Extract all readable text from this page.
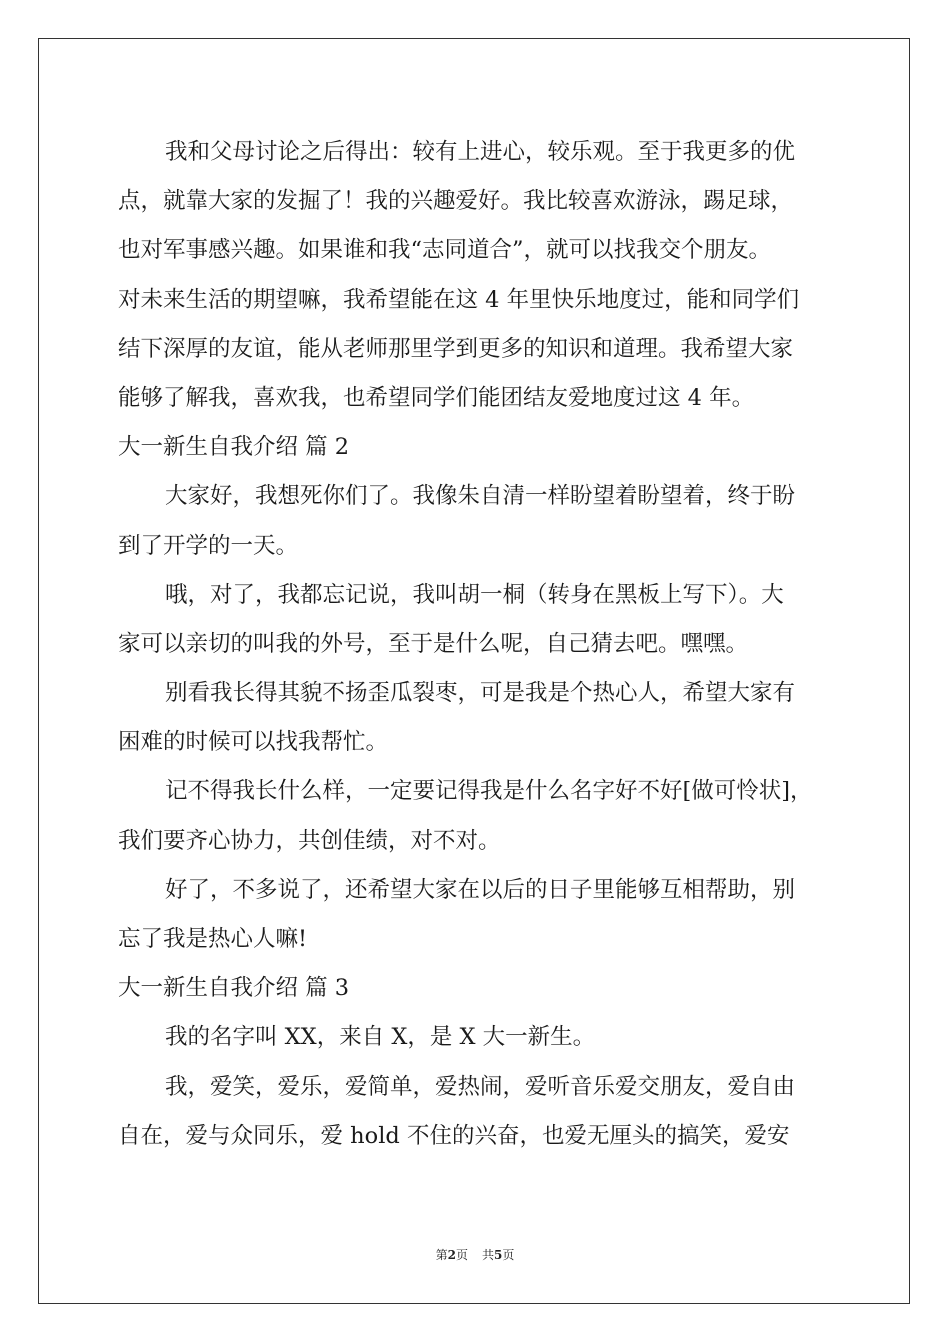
我和父母讨论之后得出：较有上进心，较乐观。至于我更多的优
点，就靠大家的发掘了！我的兴趣爱好。我比较喜欢游泳，踢足球，
也对军事感兴趣。如果谁和我“志同道合”，就可以找我交个朋友。
对未来生活的期望嘛，我希望能在这 4 年里快乐地度过，能和同学们
结下深厚的友谊，能从老师那里学到更多的知识和道理。我希望大家
能够了解我，喜欢我，也希望同学们能团结友爱地度过这 4 年。
大一新生自我介绍 篇 2
大家好，我想死你们了。我像朱自清一样盼望着盼望着，终于盼
到了开学的一天。
哦，对了，我都忘记说，我叫胡一桐（转身在黑板上写下）。大
家可以亲切的叫我的外号，至于是什么呢，自己猜去吧。嘿嘿。
别看我长得其貌不扬歪瓜裂枣，可是我是个热心人，希望大家有
困难的时候可以找我帮忙。
记不得我长什么样，一定要记得我是什么名字好不好[做可怜状]，
我们要齐心协力，共创佳绩，对不对。
好了，不多说了，还希望大家在以后的日子里能够互相帮助，别
忘了我是热心人嘛!
大一新生自我介绍 篇 3
我的名字叫 XX，来自 X，是 X 大一新生。
我，爱笑，爱乐，爱简单，爱热闹，爱听音乐爱交朋友，爱自由
自在，爱与众同乐，爱 hold 不住的兴奋，也爱无厘头的搞笑，爱安
第2页 共5页
